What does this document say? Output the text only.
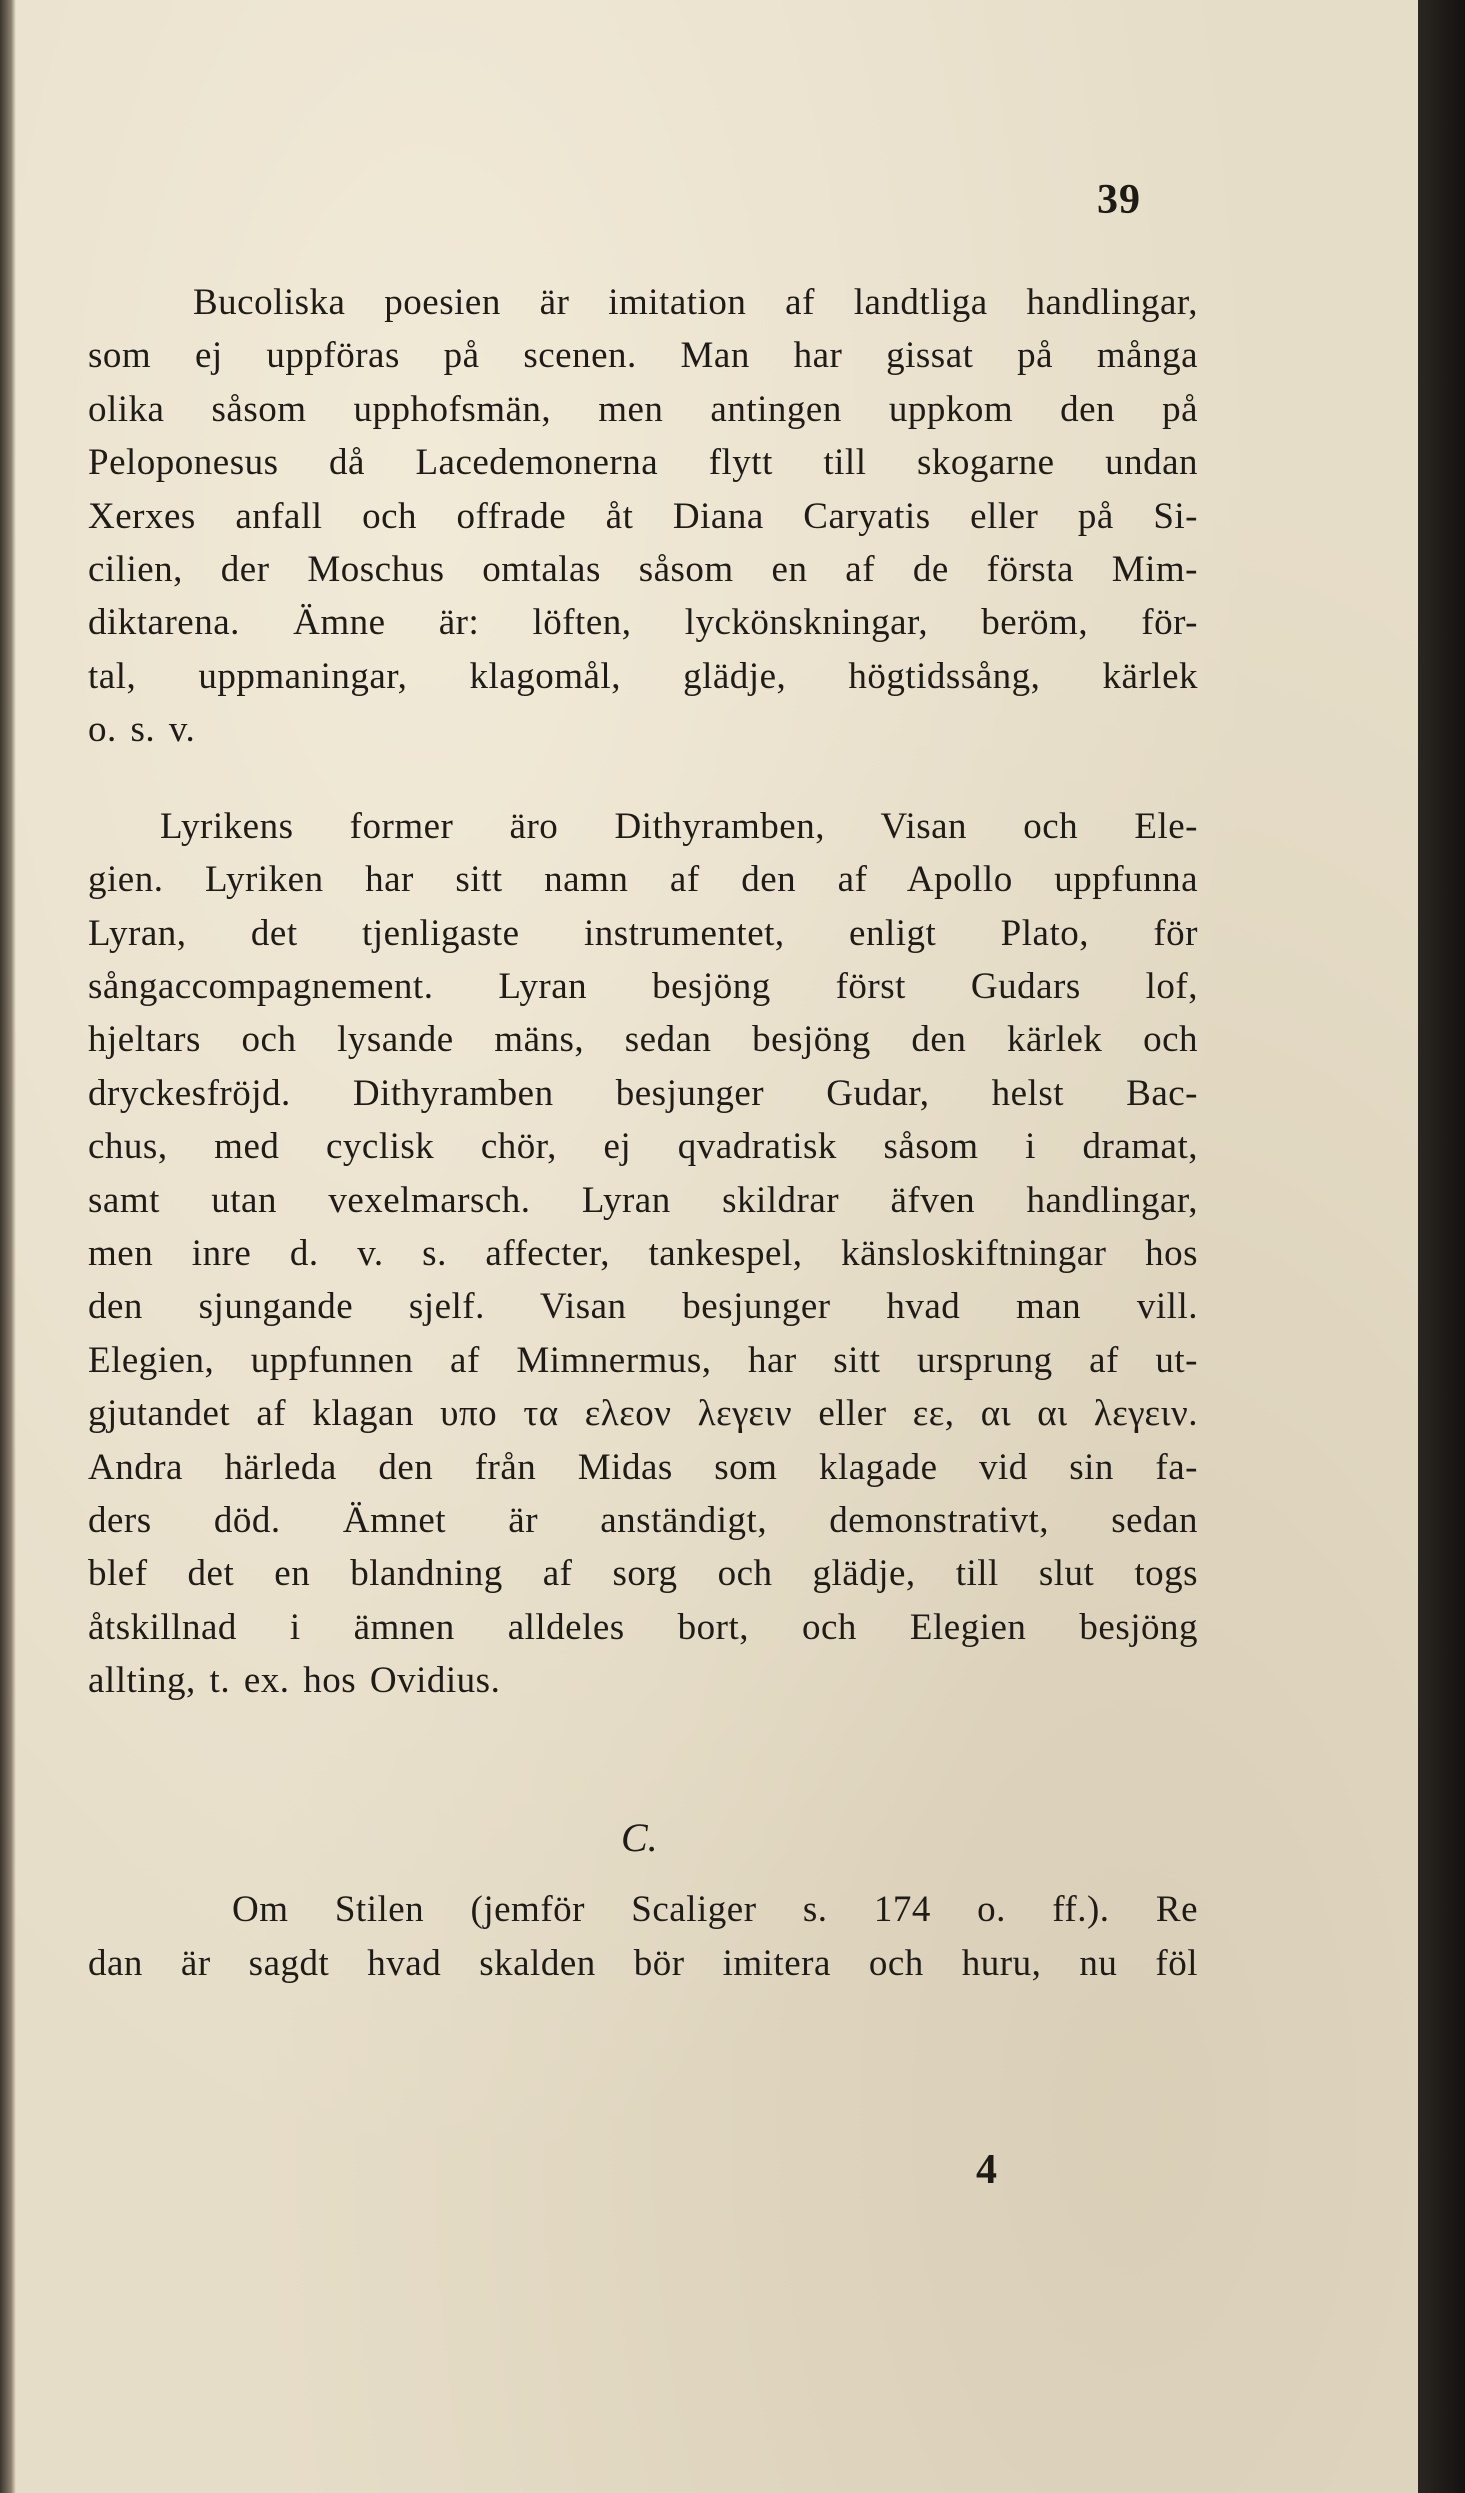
39
Bucoliska poesien är imitation af landtliga handlingar,
som ej uppföras på scenen. Man har gissat på många
olika såsom upphofsmän, men antingen uppkom den på
Peloponesus då Lacedemonerna flytt till skogarne undan
Xerxes anfall och offrade åt Diana Caryatis eller på Si-
cilien, der Moschus omtalas såsom en af de första Mim-
diktarena. Ämne är: löften, lyckönskningar, beröm, för-
tal, uppmaningar, klagomål, glädje, högtidssång, kärlek
o. s. v.
Lyrikens former äro Dithyramben, Visan och Ele-
gien. Lyriken har sitt namn af den af Apollo uppfunna
Lyran, det tjenligaste instrumentet, enligt Plato, för
sångaccompagnement. Lyran besjöng först Gudars lof,
hjeltars och lysande mäns, sedan besjöng den kärlek och
dryckesfröjd. Dithyramben besjunger Gudar, helst Bac-
chus, med cyclisk chör, ej qvadratisk såsom i dramat,
samt utan vexelmarsch. Lyran skildrar äfven handlingar,
men inre d. v. s. affecter, tankespel, känsloskiftningar hos
den sjungande sjelf. Visan besjunger hvad man vill.
Elegien, uppfunnen af Mimnermus, har sitt ursprung af ut-
gjutandet af klagan υπο τα ελεον λεγειν eller εε, αι αι λεγειν.
Andra härleda den från Midas som klagade vid sin fa-
ders död. Ämnet är anständigt, demonstrativt, sedan
blef det en blandning af sorg och glädje, till slut togs
åtskillnad i ämnen alldeles bort, och Elegien besjöng
allting, t. ex. hos Ovidius.
C.
Om Stilen (jemför Scaliger s. 174 o. ff.). Re
dan är sagdt hvad skalden bör imitera och huru, nu föl
4
